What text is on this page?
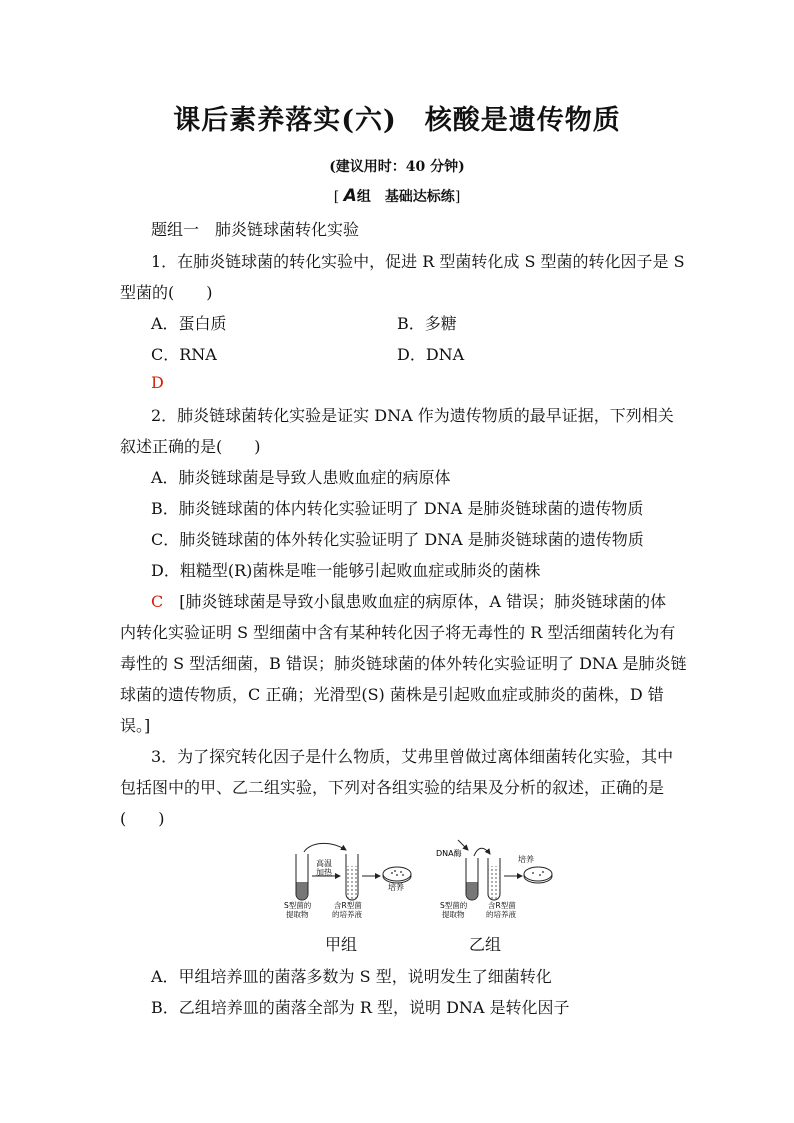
课后素养落实(六) 核酸是遗传物质
(建议用时：40 分钟)
[ A组　 基础达标练]
题组一　肺炎链球菌转化实验
1．在肺炎链球菌的转化实验中，促进 R 型菌转化成 S 型菌的转化因子是 S
型菌的(　　)
A．蛋白质	B．多糖
C．RNA	D．DNA
D
2．肺炎链球菌转化实验是证实 DNA 作为遗传物质的最早证据，下列相关
叙述正确的是(　　)
A．肺炎链球菌是导致人患败血症的病原体
B．肺炎链球菌的体内转化实验证明了 DNA 是肺炎链球菌的遗传物质
C．肺炎链球菌的体外转化实验证明了 DNA 是肺炎链球菌的遗传物质
D．粗糙型(R)菌株是唯一能够引起败血症或肺炎的菌株
C　 [肺炎链球菌是导致小鼠患败血症的病原体，A 错误；肺炎链球菌的体
内转化实验证明 S 型细菌中含有某种转化因子将无毒性的 R 型活细菌转化为有
毒性的 S 型活细菌，B 错误；肺炎链球菌的体外转化实验证明了 DNA 是肺炎链
球菌的遗传物质，C 正确；光滑型(S) 菌株是引起败血症或肺炎的菌株，D 错
误。]
3．为了探究转化因子是什么物质，艾弗里曾做过离体细菌转化实验，其中
包括图中的甲、乙二组实验，下列对各组实验的结果及分析的叙述，正确的是
(　　)
高温
加热
培养
S型菌的
提取物
含R型菌
的培养液
DNA酶
培养
S型菌的
提取物
含R型菌
的培养液
甲组	乙组
A．甲组培养皿的菌落多数为 S 型，说明发生了细菌转化
B．乙组培养皿的菌落全部为 R 型，说明 DNA 是转化因子
